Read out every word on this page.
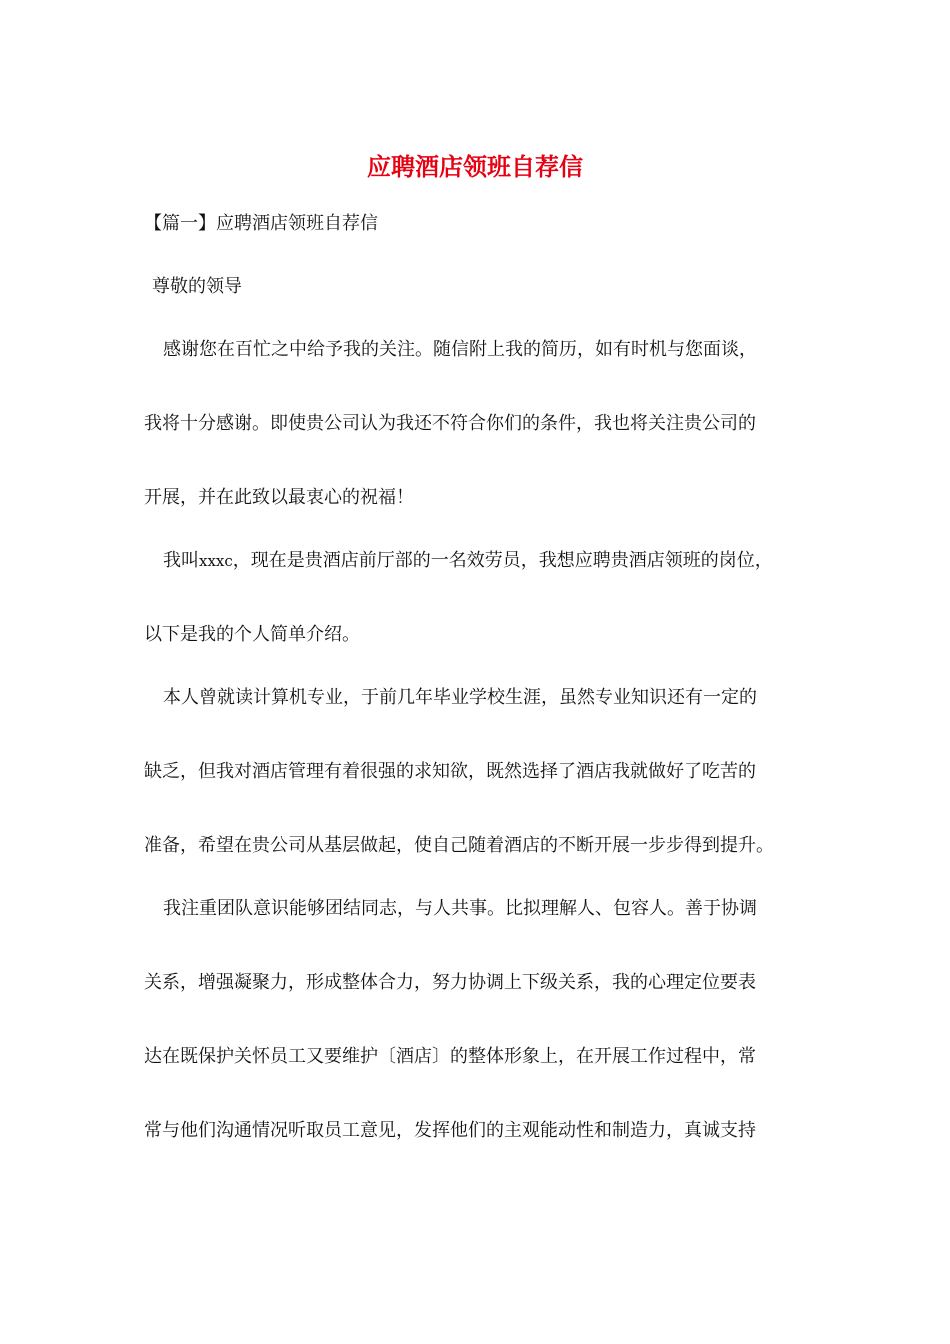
应聘酒店领班自荐信

【篇一】应聘酒店领班自荐信

尊敬的领导

感谢您在百忙之中给予我的关注。随信附上我的简历，如有时机与您面谈，

我将十分感谢。即使贵公司认为我还不符合你们的条件，我也将关注贵公司的

开展，并在此致以最衷心的祝福！

我叫xxxc，现在是贵酒店前厅部的一名效劳员，我想应聘贵酒店领班的岗位，

以下是我的个人简单介绍。

本人曾就读计算机专业，于前几年毕业学校生涯，虽然专业知识还有一定的

缺乏，但我对酒店管理有着很强的求知欲，既然选择了酒店我就做好了吃苦的

准备，希望在贵公司从基层做起，使自己随着酒店的不断开展一步步得到提升。

我注重团队意识能够团结同志，与人共事。比拟理解人、包容人。善于协调

关系，增强凝聚力，形成整体合力，努力协调上下级关系，我的心理定位要表

达在既保护关怀员工又要维护〔酒店〕的整体形象上，在开展工作过程中，常

常与他们沟通情况听取员工意见，发挥他们的主观能动性和制造力，真诚支持
